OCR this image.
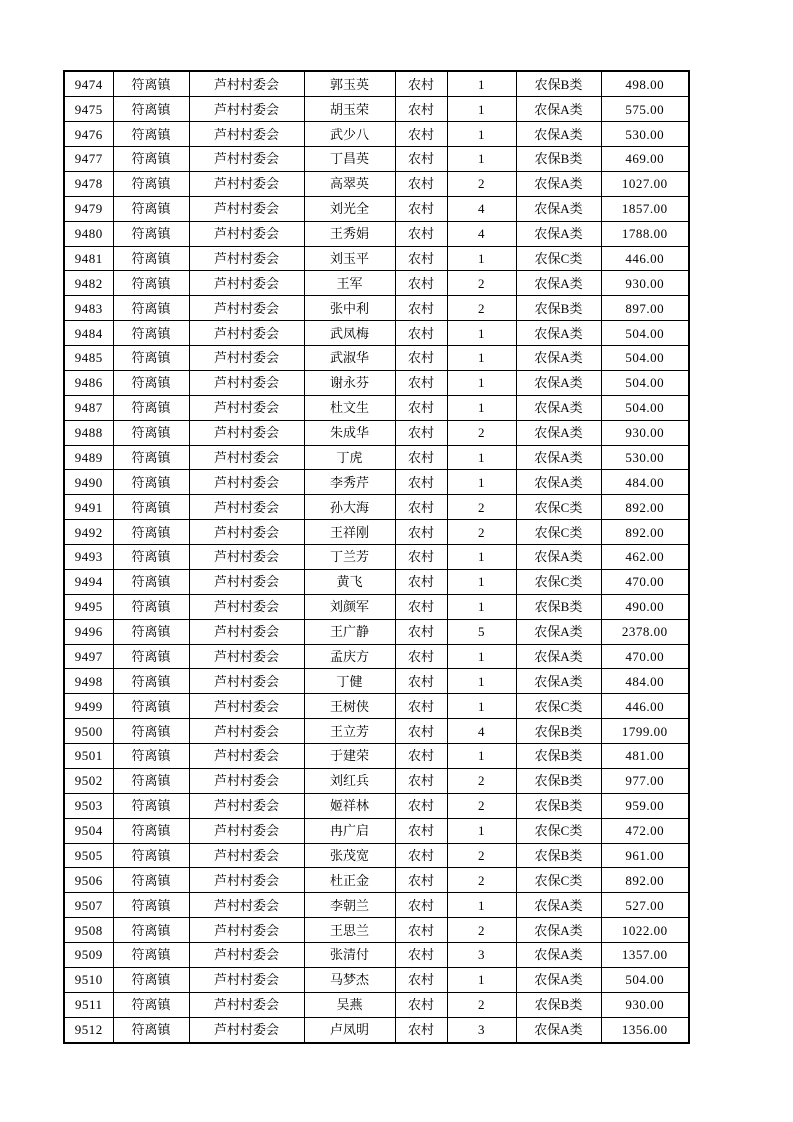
9474	符离镇	芦村村委会	郭玉英	农村	1	农保B类	498.00
9475	符离镇	芦村村委会	胡玉荣	农村	1	农保A类	575.00
9476	符离镇	芦村村委会	武少八	农村	1	农保A类	530.00
9477	符离镇	芦村村委会	丁昌英	农村	1	农保B类	469.00
9478	符离镇	芦村村委会	高翠英	农村	2	农保A类	1027.00
9479	符离镇	芦村村委会	刘光全	农村	4	农保A类	1857.00
9480	符离镇	芦村村委会	王秀娟	农村	4	农保A类	1788.00
9481	符离镇	芦村村委会	刘玉平	农村	1	农保C类	446.00
9482	符离镇	芦村村委会	王军	农村	2	农保A类	930.00
9483	符离镇	芦村村委会	张中利	农村	2	农保B类	897.00
9484	符离镇	芦村村委会	武凤梅	农村	1	农保A类	504.00
9485	符离镇	芦村村委会	武淑华	农村	1	农保A类	504.00
9486	符离镇	芦村村委会	谢永芬	农村	1	农保A类	504.00
9487	符离镇	芦村村委会	杜文生	农村	1	农保A类	504.00
9488	符离镇	芦村村委会	朱成华	农村	2	农保A类	930.00
9489	符离镇	芦村村委会	丁虎	农村	1	农保A类	530.00
9490	符离镇	芦村村委会	李秀芹	农村	1	农保A类	484.00
9491	符离镇	芦村村委会	孙大海	农村	2	农保C类	892.00
9492	符离镇	芦村村委会	王祥刚	农村	2	农保C类	892.00
9493	符离镇	芦村村委会	丁兰芳	农村	1	农保A类	462.00
9494	符离镇	芦村村委会	黄飞	农村	1	农保C类	470.00
9495	符离镇	芦村村委会	刘颜军	农村	1	农保B类	490.00
9496	符离镇	芦村村委会	王广静	农村	5	农保A类	2378.00
9497	符离镇	芦村村委会	孟庆方	农村	1	农保A类	470.00
9498	符离镇	芦村村委会	丁健	农村	1	农保A类	484.00
9499	符离镇	芦村村委会	王树侠	农村	1	农保C类	446.00
9500	符离镇	芦村村委会	王立芳	农村	4	农保B类	1799.00
9501	符离镇	芦村村委会	于建荣	农村	1	农保B类	481.00
9502	符离镇	芦村村委会	刘红兵	农村	2	农保B类	977.00
9503	符离镇	芦村村委会	姬祥林	农村	2	农保B类	959.00
9504	符离镇	芦村村委会	冉广启	农村	1	农保C类	472.00
9505	符离镇	芦村村委会	张茂宽	农村	2	农保B类	961.00
9506	符离镇	芦村村委会	杜正金	农村	2	农保C类	892.00
9507	符离镇	芦村村委会	李朝兰	农村	1	农保A类	527.00
9508	符离镇	芦村村委会	王思兰	农村	2	农保A类	1022.00
9509	符离镇	芦村村委会	张清付	农村	3	农保A类	1357.00
9510	符离镇	芦村村委会	马梦杰	农村	1	农保A类	504.00
9511	符离镇	芦村村委会	吴燕	农村	2	农保B类	930.00
9512	符离镇	芦村村委会	卢凤明	农村	3	农保A类	1356.00
